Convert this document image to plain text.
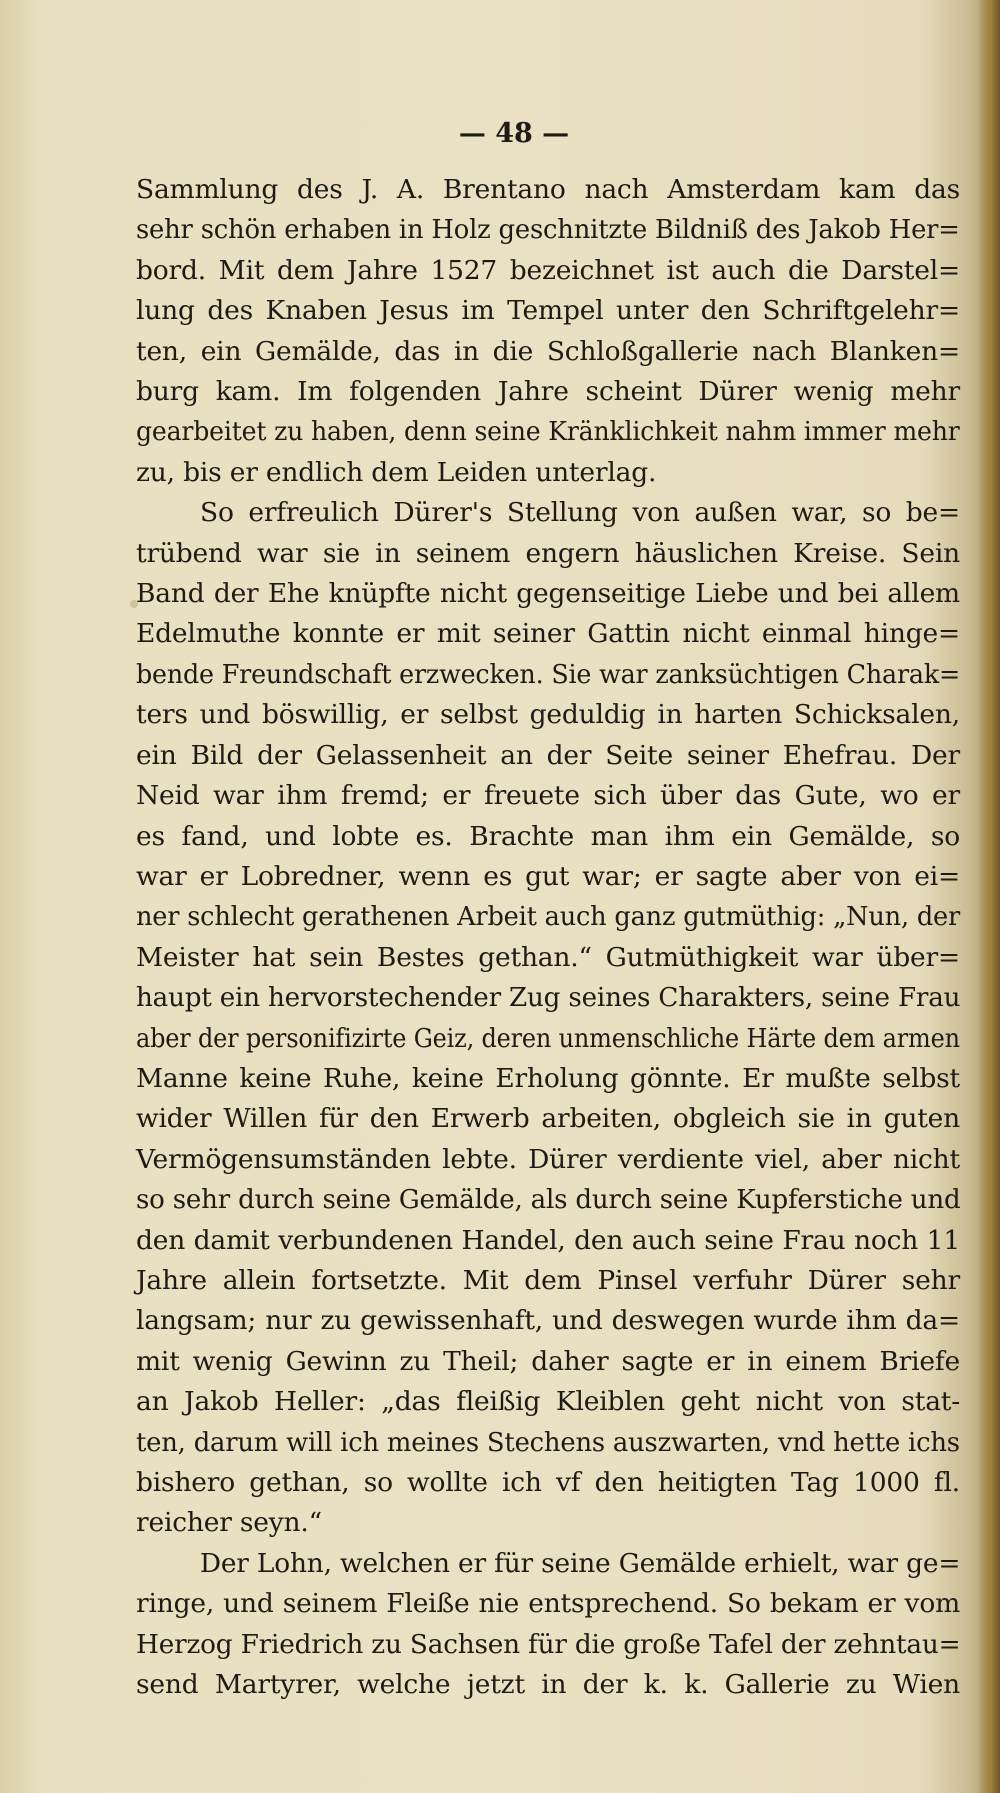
— 48 —
Sammlung des J. A. Brentano nach Amsterdam kam das
sehr schön erhaben in Holz geschnitzte Bildniß des Jakob Her=
bord. Mit dem Jahre 1527 bezeichnet ist auch die Darstel=
lung des Knaben Jesus im Tempel unter den Schriftgelehr=
ten, ein Gemälde, das in die Schloßgallerie nach Blanken=
burg kam. Im folgenden Jahre scheint Dürer wenig mehr
gearbeitet zu haben, denn seine Kränklichkeit nahm immer mehr
zu, bis er endlich dem Leiden unterlag.
So erfreulich Dürer's Stellung von außen war, so be=
trübend war sie in seinem engern häuslichen Kreise. Sein
Band der Ehe knüpfte nicht gegenseitige Liebe und bei allem
Edelmuthe konnte er mit seiner Gattin nicht einmal hinge=
bende Freundschaft erzwecken. Sie war zanksüchtigen Charak=
ters und böswillig, er selbst geduldig in harten Schicksalen,
ein Bild der Gelassenheit an der Seite seiner Ehefrau. Der
Neid war ihm fremd; er freuete sich über das Gute, wo er
es fand, und lobte es. Brachte man ihm ein Gemälde, so
war er Lobredner, wenn es gut war; er sagte aber von ei=
ner schlecht gerathenen Arbeit auch ganz gutmüthig: „Nun, der
Meister hat sein Bestes gethan.“ Gutmüthigkeit war über=
haupt ein hervorstechender Zug seines Charakters, seine Frau
aber der personifizirte Geiz, deren unmenschliche Härte dem armen
Manne keine Ruhe, keine Erholung gönnte. Er mußte selbst
wider Willen für den Erwerb arbeiten, obgleich sie in guten
Vermögensumständen lebte. Dürer verdiente viel, aber nicht
so sehr durch seine Gemälde, als durch seine Kupferstiche und
den damit verbundenen Handel, den auch seine Frau noch 11
Jahre allein fortsetzte. Mit dem Pinsel verfuhr Dürer sehr
langsam; nur zu gewissenhaft, und deswegen wurde ihm da=
mit wenig Gewinn zu Theil; daher sagte er in einem Briefe
an Jakob Heller: „das fleißig Kleiblen geht nicht von stat-
ten, darum will ich meines Stechens auszwarten, vnd hette ichs
bishero gethan, so wollte ich vf den heitigten Tag 1000 fl.
reicher seyn.“
Der Lohn, welchen er für seine Gemälde erhielt, war ge=
ringe, und seinem Fleiße nie entsprechend. So bekam er vom
Herzog Friedrich zu Sachsen für die große Tafel der zehntau=
send Martyrer, welche jetzt in der k. k. Gallerie zu Wien
